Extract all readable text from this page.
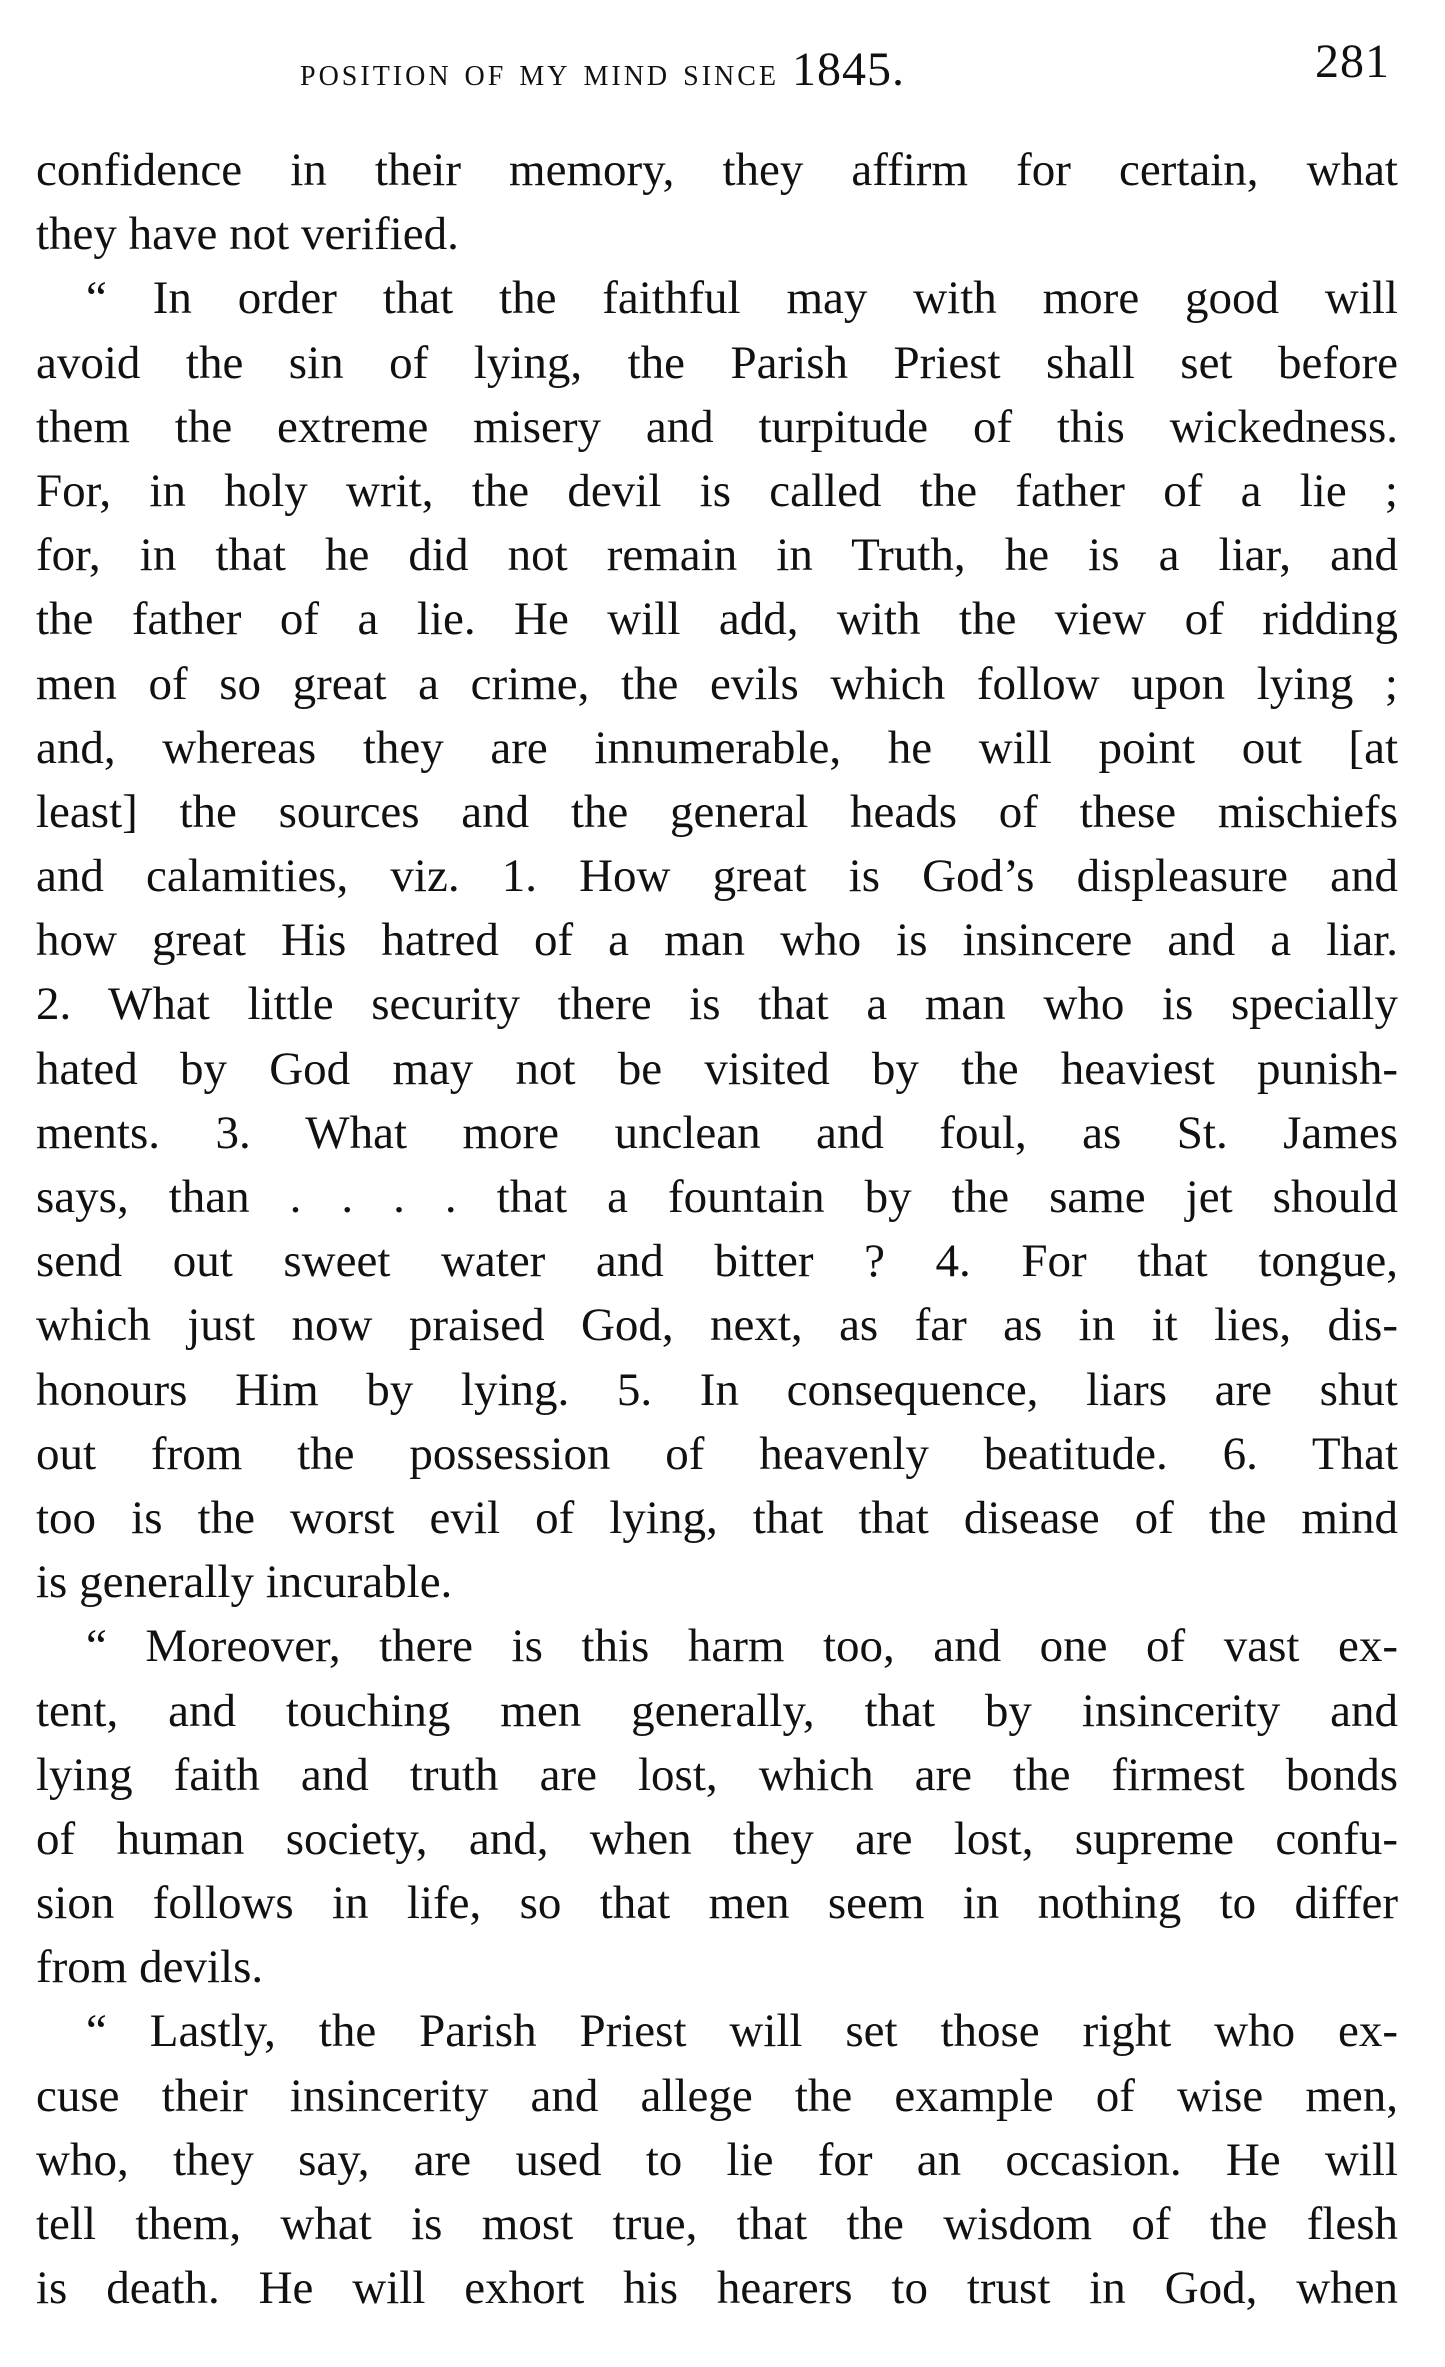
position of my mind since 1845.	281
confidence in their memory, they affirm for certain, what
they have not verified.
“ In order that the faithful may with more good will
avoid the sin of lying, the Parish Priest shall set before
them the extreme misery and turpitude of this wickedness.
For, in holy writ, the devil is called the father of a lie ;
for, in that he did not remain in Truth, he is a liar, and
the father of a lie. He will add, with the view of ridding
men of so great a crime, the evils which follow upon lying ;
and, whereas they are innumerable, he will point out [at
least] the sources and the general heads of these mischiefs
and calamities, viz. 1. How great is God’s displeasure and
how great His hatred of a man who is insincere and a liar.
2. What little security there is that a man who is specially
hated by God may not be visited by the heaviest punish-
ments. 3. What more unclean and foul, as St. James
says, than . . . . that a fountain by the same jet should
send out sweet water and bitter ? 4. For that tongue,
which just now praised God, next, as far as in it lies, dis-
honours Him by lying. 5. In consequence, liars are shut
out from the possession of heavenly beatitude. 6. That
too is the worst evil of lying, that that disease of the mind
is generally incurable.
“ Moreover, there is this harm too, and one of vast ex-
tent, and touching men generally, that by insincerity and
lying faith and truth are lost, which are the firmest bonds
of human society, and, when they are lost, supreme confu-
sion follows in life, so that men seem in nothing to differ
from devils.
“ Lastly, the Parish Priest will set those right who ex-
cuse their insincerity and allege the example of wise men,
who, they say, are used to lie for an occasion. He will
tell them, what is most true, that the wisdom of the flesh
is death. He will exhort his hearers to trust in God, when
